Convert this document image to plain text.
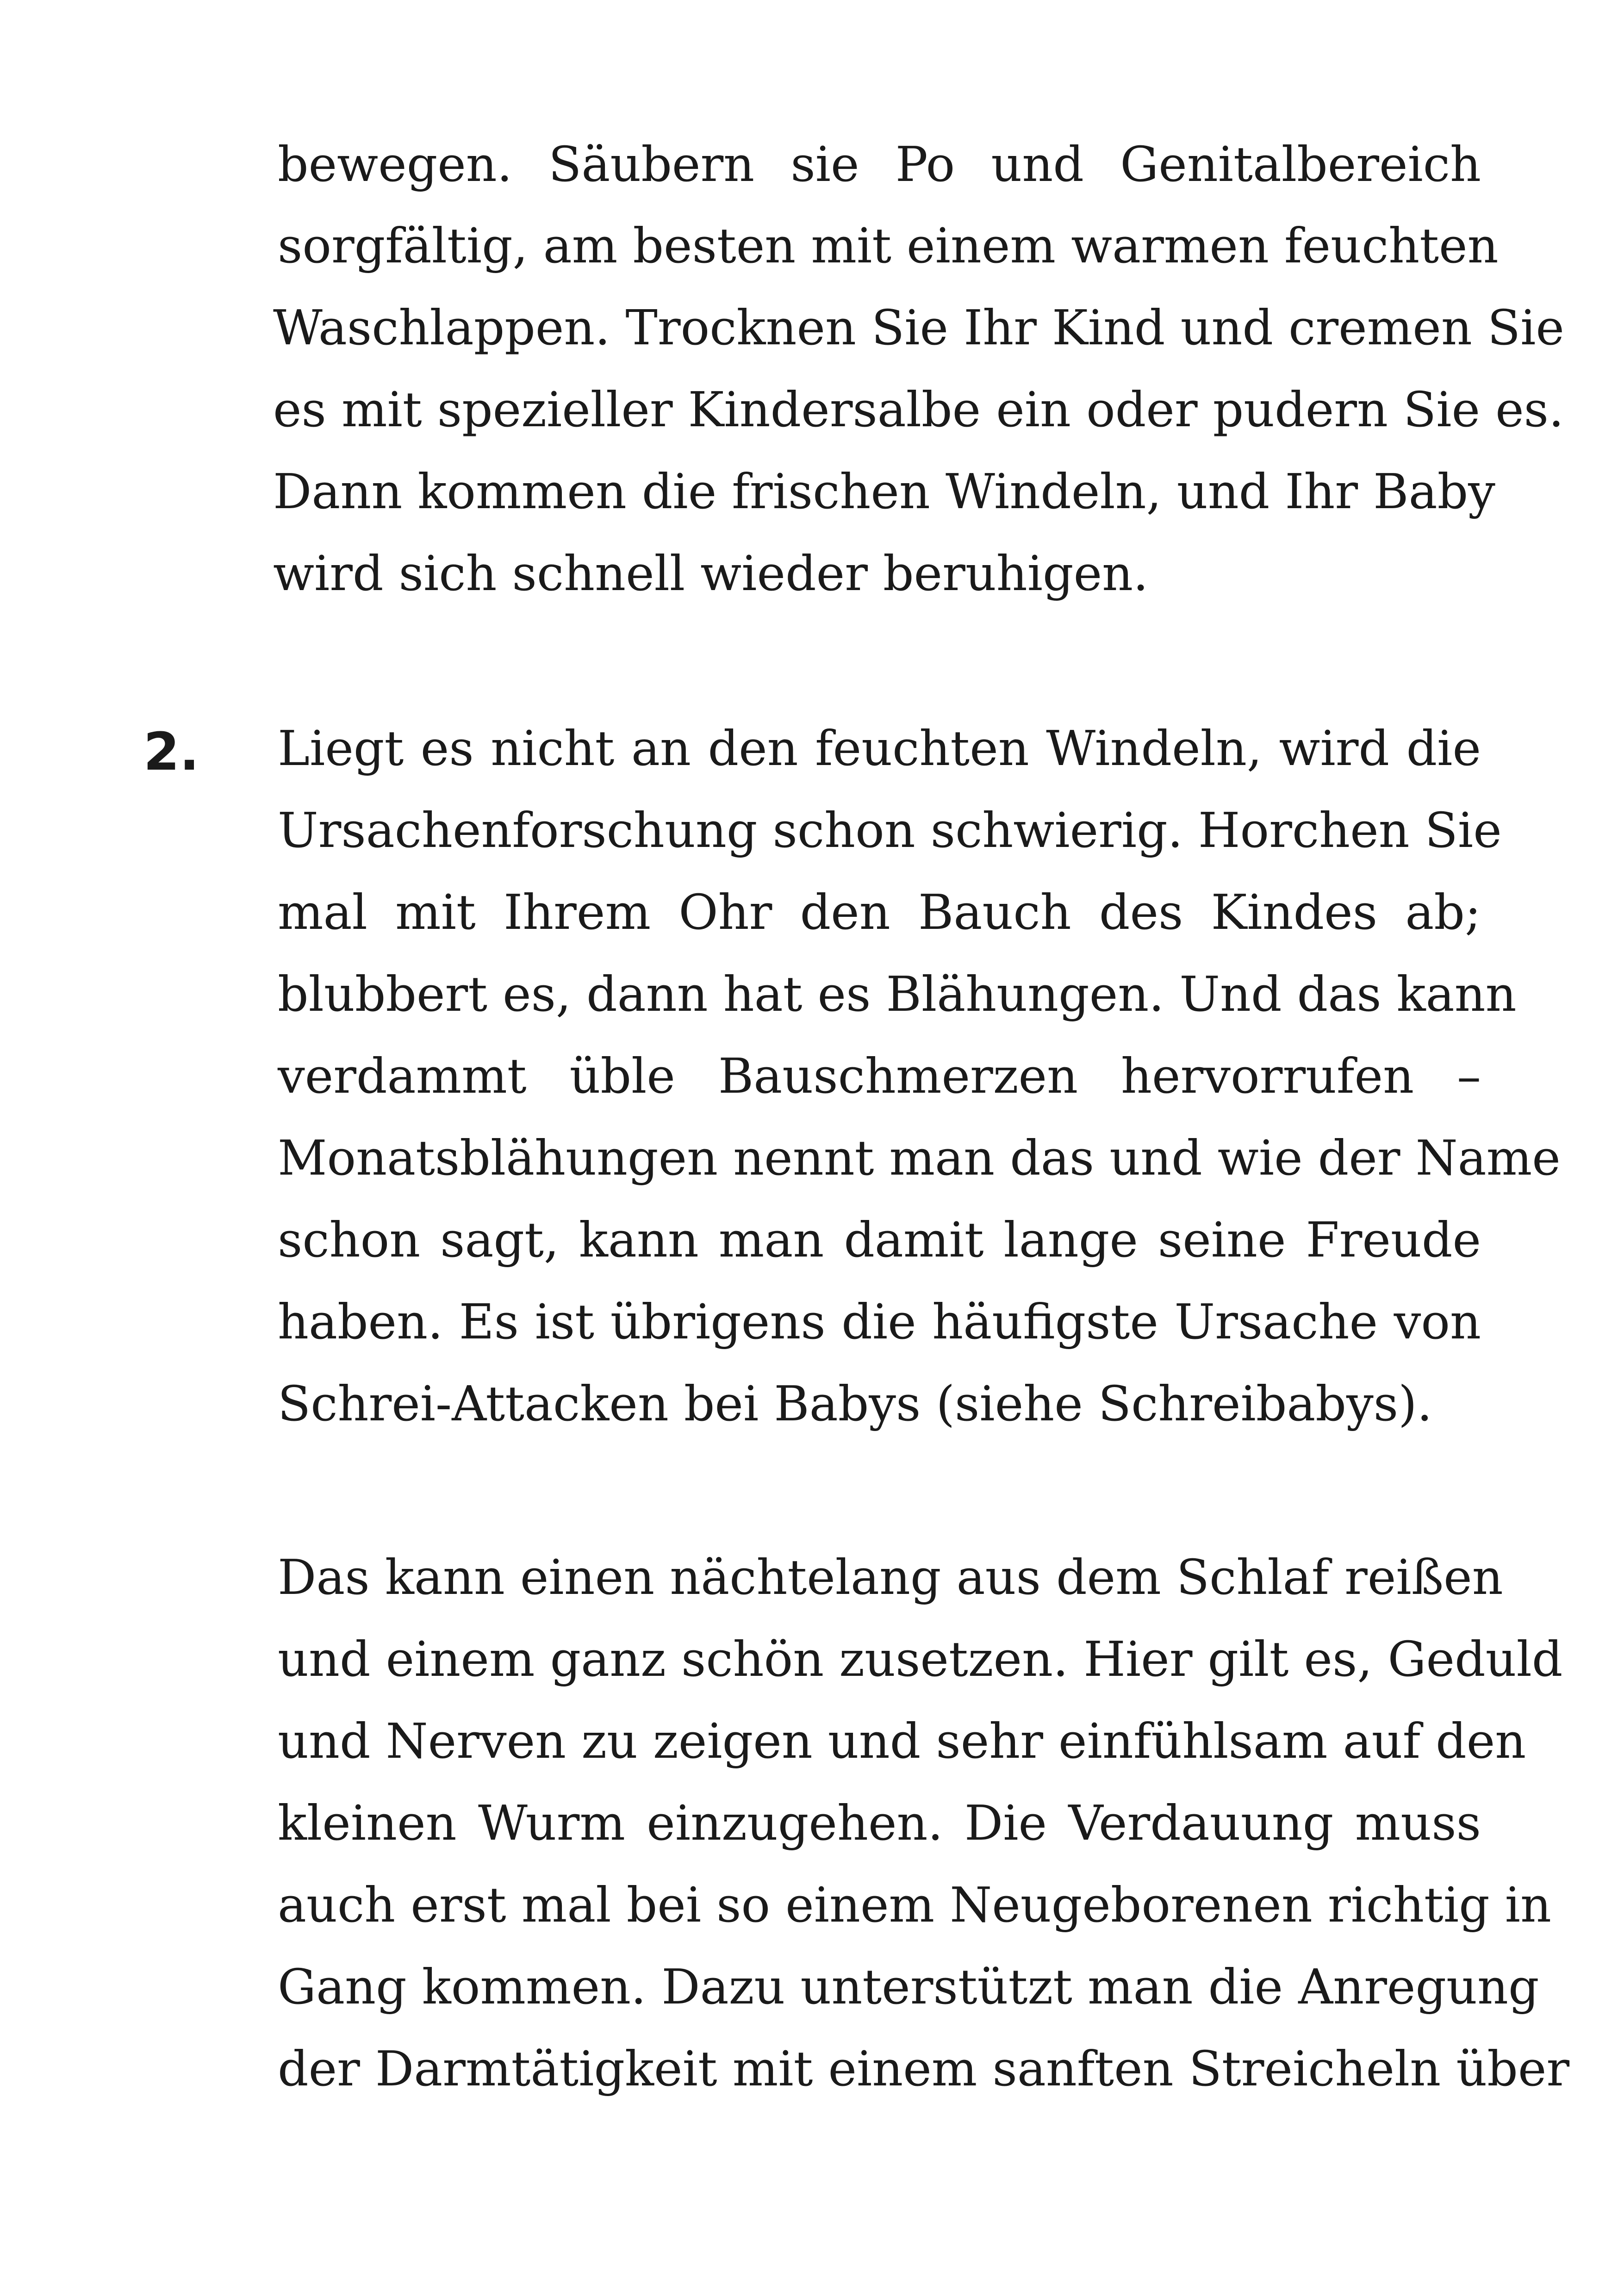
bewegen. Säubern sie Po und Genitalbereich
sorgfältig, am besten mit einem warmen feuchten
Waschlappen. Trocknen Sie Ihr Kind und cremen Sie
es mit spezieller Kindersalbe ein oder pudern Sie es.
Dann kommen die frischen Windeln, und Ihr Baby
wird sich schnell wieder beruhigen.
2. Liegt es nicht an den feuchten Windeln, wird die
Ursachenforschung schon schwierig. Horchen Sie
mal mit Ihrem Ohr den Bauch des Kindes ab;
blubbert es, dann hat es Blähungen. Und das kann
verdammt üble Bauschmerzen hervorrufen –
Monatsblähungen nennt man das und wie der Name
schon sagt, kann man damit lange seine Freude
haben. Es ist übrigens die häufigste Ursache von
Schrei-Attacken bei Babys (siehe Schreibabys).
Das kann einen nächtelang aus dem Schlaf reißen
und einem ganz schön zusetzen. Hier gilt es, Geduld
und Nerven zu zeigen und sehr einfühlsam auf den
kleinen Wurm einzugehen. Die Verdauung muss
auch erst mal bei so einem Neugeborenen richtig in
Gang kommen. Dazu unterstützt man die Anregung
der Darmtätigkeit mit einem sanften Streicheln über
